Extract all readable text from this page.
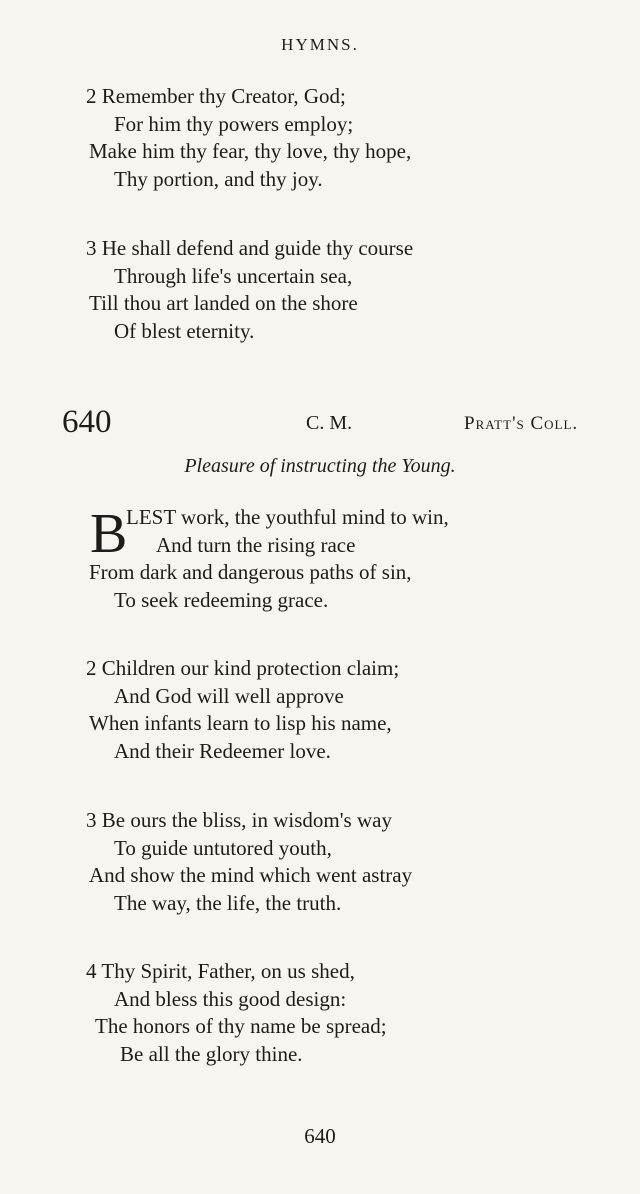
HYMNS.
2 Remember thy Creator, God;
For him thy powers employ;
Make him thy fear, thy love, thy hope,
Thy portion, and thy joy.
3 He shall defend and guide thy course
Through life's uncertain sea,
Till thou art landed on the shore
Of blest eternity.
640	C. M.	Pratt's Coll.
Pleasure of instructing the Young.
B
LEST work, the youthful mind to win,
And turn the rising race
From dark and dangerous paths of sin,
To seek redeeming grace.
2 Children our kind protection claim;
And God will well approve
When infants learn to lisp his name,
And their Redeemer love.
3 Be ours the bliss, in wisdom's way
To guide untutored youth,
And show the mind which went astray
The way, the life, the truth.
4 Thy Spirit, Father, on us shed,
And bless this good design:
The honors of thy name be spread;
Be all the glory thine.
640
